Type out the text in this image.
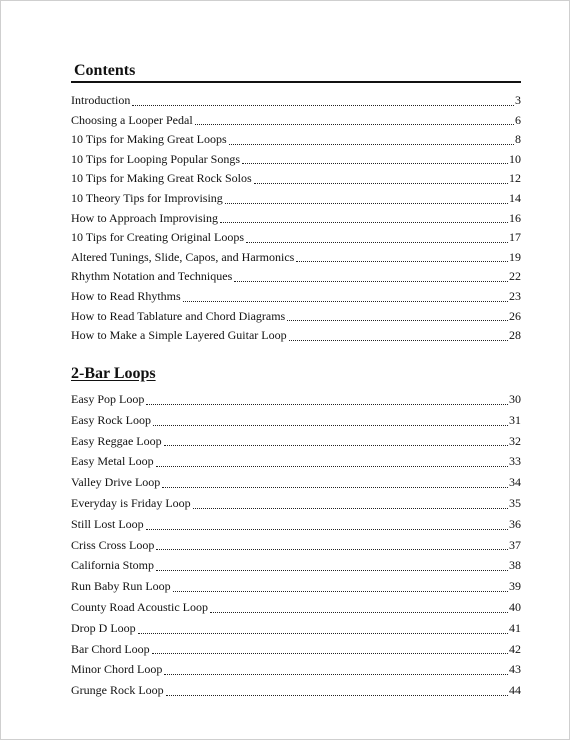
Contents
Introduction	3
Choosing a Looper Pedal	6
10 Tips for Making Great Loops	8
10 Tips for Looping Popular Songs	10
10 Tips for Making Great Rock Solos	12
10 Theory Tips for Improvising	14
How to Approach Improvising	16
10 Tips for Creating Original Loops	17
Altered Tunings, Slide, Capos, and Harmonics	19
Rhythm Notation and Techniques	22
How to Read Rhythms	23
How to Read Tablature and Chord Diagrams	26
How to Make a Simple Layered Guitar Loop	28
2-Bar Loops
Easy Pop Loop	30
Easy Rock Loop	31
Easy Reggae Loop	32
Easy Metal Loop	33
Valley Drive Loop	34
Everyday is Friday Loop	35
Still Lost Loop	36
Criss Cross Loop	37
California Stomp	38
Run Baby Run Loop	39
County Road Acoustic Loop	40
Drop D Loop	41
Bar Chord Loop	42
Minor Chord Loop	43
Grunge Rock Loop	44
